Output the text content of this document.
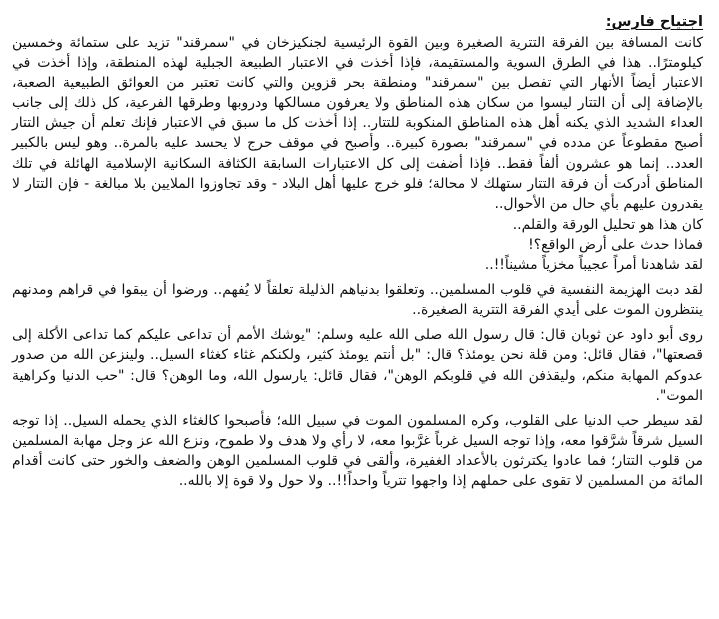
اجتياح فارس:

كانت المسافة بين الفرقة التترية الصغيرة وبين القوة الرئيسية لجنكيزخان في "سمرقند" تزيد على ستمائة وخمسين كيلومترًا.. هذا في الطرق السوية والمستقيمة، فإذا أخذت في الاعتبار الطبيعة الجبلية لهذه المنطقة، وإذا أخذت في الاعتبار أيضاً الأنهار التي تفصل بين "سمرقند" ومنطقة بحر قزوين والتي كانت تعتبر من العوائق الطبيعية الصعبة، بالإضافة إلى أن التتار ليسوا من سكان هذه المناطق ولا يعرفون مسالكها ودروبها وطرقها الفرعية، كل ذلك إلى جانب العداء الشديد الذي يكنه أهل هذه المناطق المنكوبة للتتار.. إذا أخذت كل ما سبق في الاعتبار فإنك تعلم أن جيش التتار أصبح مقطوعاً عن مدده في "سمرقند" بصورة كبيرة.. وأصبح في موقف حرج لا يحسد عليه بالمرة.. وهو ليس بالكبير العدد.. إنما هو عشرون ألفاً فقط.. فإذا أضفت إلى كل الاعتبارات السابقة الكثافة السكانية الإسلامية الهائلة في تلك المناطق أدركت أن فرقة التتار ستهلك لا محالة؛ فلو خرج عليها أهل البلاد - وقد تجاوزوا الملايين بلا مبالغة - فإن التتار لا يقدرون عليهم بأي حال من الأحوال..

كان هذا هو تحليل الورقة والقلم..

فماذا حدث على أرض الواقع؟!

لقد شاهدنا أمراً عجيباً مخزياً مشيناً!!..

لقد دبت الهزيمة النفسية في قلوب المسلمين.. وتعلقوا بدنياهم الذليلة تعلقاً لا يُفهم.. ورضوا أن يبقوا في قراهم ومدنهم ينتظرون الموت على أيدي الفرقة التترية الصغيرة..

روى أبو داود عن ثوبان قال: قال رسول الله صلى الله عليه وسلم: "يوشك الأمم أن تداعى عليكم كما تداعى الأكلة إلى قصعتها"، فقال قائل: ومن قلة نحن يومئذ؟ قال: "بل أنتم يومئذ كثير، ولكنكم غثاء كغثاء السيل.. ولينزعن الله من صدور عدوكم المهابة منكم، وليقذفن الله في قلوبكم الوهن"، فقال قائل: يارسول الله، وما الوهن؟ قال: "حب الدنيا وكراهية الموت".

لقد سيطر حب الدنيا على القلوب، وكره المسلمون الموت في سبيل الله؛ فأصبحوا كالغثاء الذي يحمله السيل.. إذا توجه السيل شرقاً شرَّقوا معه، وإذا توجه السيل غرباً غرَّبوا معه، لا رأي ولا هدف ولا طموح، ونزع الله عز وجل مهابة المسلمين من قلوب التتار؛ فما عادوا يكترثون بالأعداد الغفيرة، وألقى في قلوب المسلمين الوهن والضعف والخور حتى كانت أقدام المائة من المسلمين لا تقوى على حملهم إذا واجهوا تترياً واحداً!!.. ولا حول ولا قوة إلا بالله..
